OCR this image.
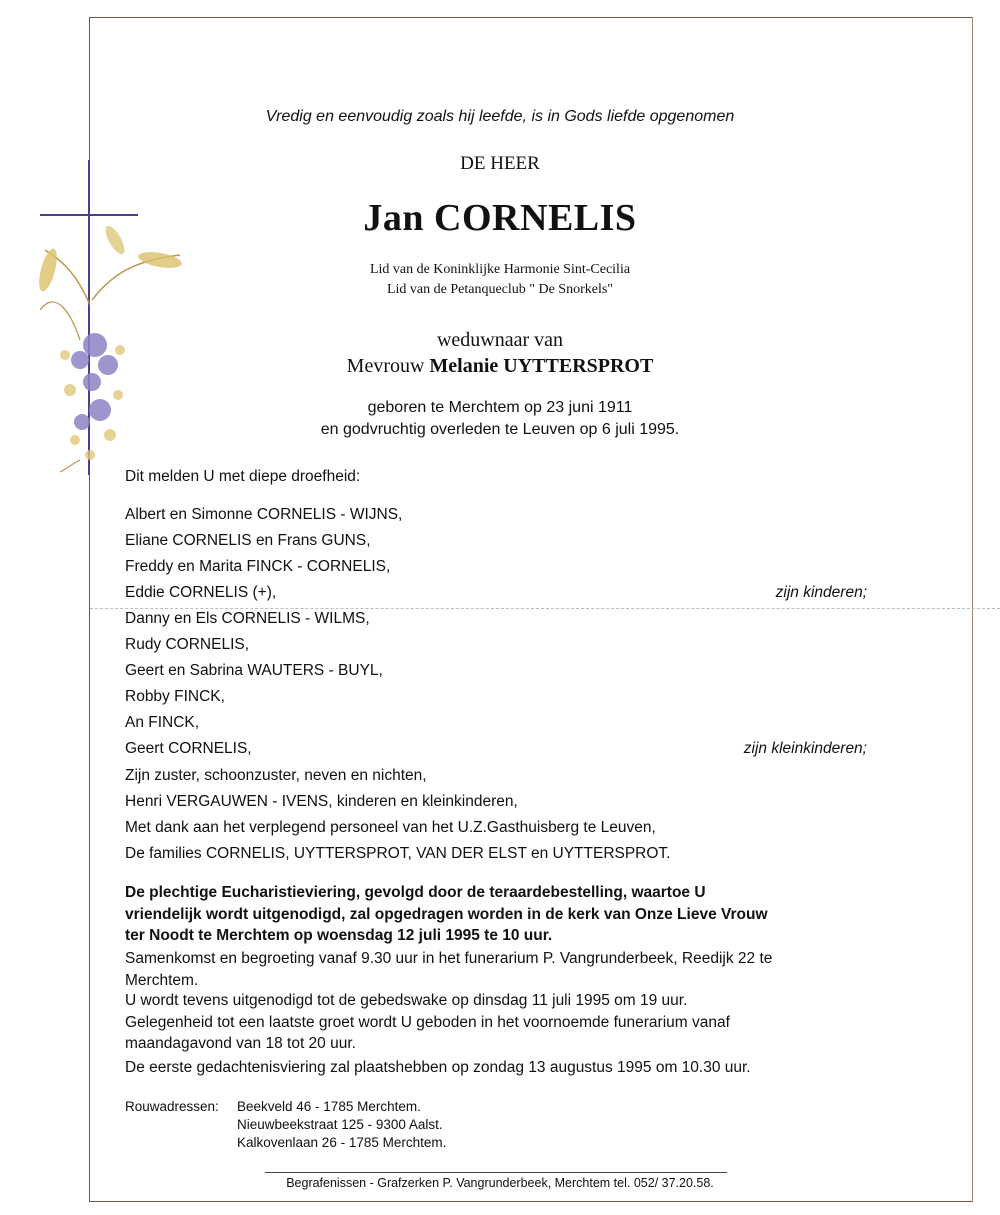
Vredig en eenvoudig zoals hij leefde, is in Gods liefde opgenomen
DE HEER
Jan CORNELIS
Lid van de Koninklijke Harmonie Sint-Cecilia
Lid van de Petanqueclub " De Snorkels"
weduwnaar van
Mevrouw Melanie UYTTERSPROT
geboren te Merchtem op 23 juni 1911
en godvruchtig overleden te Leuven op 6 juli 1995.
Dit melden U met diepe droefheid:
Albert en Simonne CORNELIS - WIJNS,
Eliane CORNELIS en Frans GUNS,
Freddy en Marita FINCK - CORNELIS,
Eddie CORNELIS (+),	zijn kinderen;
Danny en Els CORNELIS - WILMS,
Rudy CORNELIS,
Geert en Sabrina WAUTERS - BUYL,
Robby FINCK,
An FINCK,
Geert CORNELIS,	zijn kleinkinderen;
Zijn zuster, schoonzuster, neven en nichten,
Henri VERGAUWEN - IVENS, kinderen en kleinkinderen,
Met dank aan het verplegend personeel van het U.Z.Gasthuisberg te Leuven,
De families CORNELIS, UYTTERSPROT, VAN DER ELST en UYTTERSPROT.
De plechtige Eucharistieviering, gevolgd door de teraardebestelling, waartoe U
vriendelijk wordt uitgenodigd, zal opgedragen worden in de kerk van Onze Lieve Vrouw
ter Noodt te Merchtem op woensdag 12 juli 1995 te 10 uur.
Samenkomst en begroeting vanaf 9.30 uur in het funerarium P. Vangrunderbeek, Reedijk 22 te
Merchtem.
U wordt tevens uitgenodigd tot de gebedswake op dinsdag 11 juli 1995 om 19 uur.
Gelegenheid tot een laatste groet wordt U geboden in het voornoemde funerarium vanaf
maandagavond van 18 tot 20 uur.
De eerste gedachtenisviering zal plaatshebben op zondag 13 augustus 1995 om 10.30 uur.
Rouwadressen: Beekveld 46 - 1785 Merchtem.
Nieuwbeekstraat 125 - 9300 Aalst.
Kalkovenlaan 26 - 1785 Merchtem.
Begrafenissen - Grafzerken P. Vangrunderbeek, Merchtem tel. 052/ 37.20.58.
